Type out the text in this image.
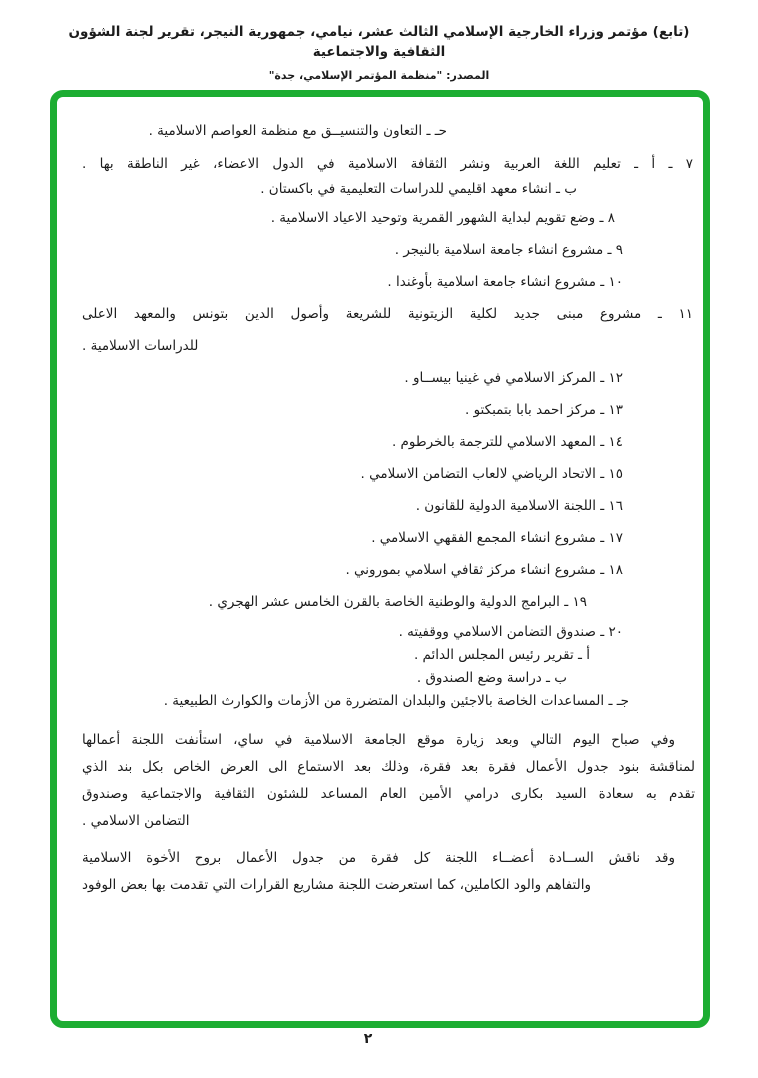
(تابع) مؤتمر وزراء الخارجية الإسلامي الثالث عشر، نيامي، جمهورية النيجر، تقرير لجنة الشؤون الثقافية والاجتماعية
المصدر: "منظمة المؤتمر الإسلامي، جدة"
حـ ـ التعاون والتنسيــق مع منظمة العواصم الاسلامية .
٧ ـ أ ـ تعليم اللغة العربية ونشر الثقافة الاسلامية في الدول الاعضاء، غير الناطقة بها .
ب ـ انشاء معهد اقليمي للدراسات التعليمية في باكستان .
٨ ـ وضع تقويم لبداية الشهور القمرية وتوحيد الاعياد الاسلامية .
٩ ـ مشروع انشاء جامعة اسلامية بالنيجر .
١٠ ـ مشروع انشاء جامعة اسلامية بأوغندا .
١١ ـ مشروع مبنى جديد لكلية الزيتونية للشريعة وأصول الدين بتونس والمعهد الاعلى
للدراسات الاسلامية .
١٢ ـ المركز الاسلامي في غينيا بيســاو .
١٣ ـ مركز احمد بابا بتمبكتو .
١٤ ـ المعهد الاسلامي للترجمة بالخرطوم .
١٥ ـ الاتحاد الرياضي لالعاب التضامن الاسلامي .
١٦ ـ اللجنة الاسلامية الدولية للقانون .
١٧ ـ مشروع انشاء المجمع الفقهي الاسلامي .
١٨ ـ مشروع انشاء مركز ثقافي اسلامي بموروني .
١٩ ـ البرامج الدولية والوطنية الخاصة بالقرن الخامس عشر الهجري .
٢٠ ـ صندوق التضامن الاسلامي ووقفيته .
أ ـ تقرير رئيس المجلس الدائم .
ب ـ دراسة وضع الصندوق .
جـ ـ المساعدات الخاصة بالاجئين والبلدان المتضررة من الأزمات والكوارث الطبيعية .
وفي صباح اليوم التالي وبعد زيارة موقع الجامعة الاسلامية في ساي، استأنفت اللجنة أعمالها
لمناقشة بنود جدول الأعمال فقرة بعد فقرة، وذلك بعد الاستماع الى العرض الخاص بكل بند الذي
تقدم به سعادة السيد بكارى درامي الأمين العام المساعد للشئون الثقافية والاجتماعية وصندوق
التضامن الاسلامي .
وقد ناقش الســادة أعضــاء اللجنة كل فقرة من جدول الأعمال بروح الأخوة الاسلامية
والتفاهم والود الكاملين، كما استعرضت اللجنة مشاريع القرارات التي تقدمت بها بعض الوفود
٢
